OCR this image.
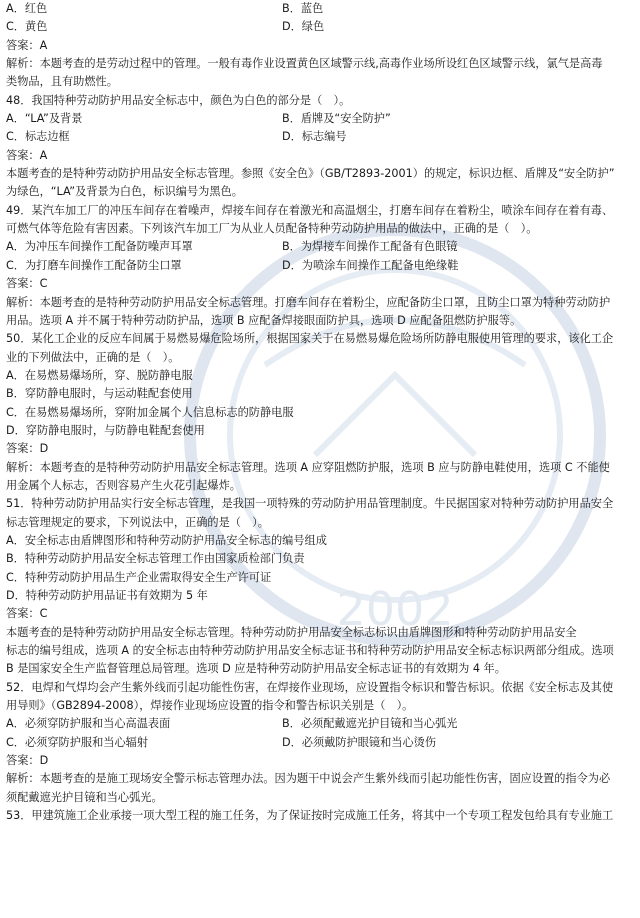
2002
A．红色	B．蓝色
C．黄色	D．绿色
答案：A
解析：本题考查的是劳动过程中的管理。一般有毒作业设置黄色区域警示线,高毒作业场所设红色区域警示线，氯气是高毒
类物品，且有助燃性。
48．我国特种劳动防护用品安全标志中，颜色为白色的部分是（　）。
A．“LA”及背景	B．盾牌及“安全防护”
C．标志边框	D．标志编号
答案：A
本题考查的是特种劳动防护用品安全标志管理。参照《安全色》（GB/T2893-2001）的规定，标识边框、盾牌及“安全防护”
为绿色，“LA”及背景为白色，标识编号为黑色。
49．某汽车加工厂的冲压车间存在着噪声，焊接车间存在着激光和高温烟尘，打磨车间存在着粉尘，喷涂车间存在着有毒、
可燃气体等危险有害因素。下列该汽车加工厂为从业人员配备特种劳动防护用品的做法中，正确的是（　）。
A．为冲压车间操作工配备防噪声耳罩	B．为焊接车间操作工配备有色眼镜
C．为打磨车间操作工配备防尘口罩	D．为喷涂车间操作工配备电绝缘鞋
答案：C
解析：本题考查的是特种劳动防护用品安全标志管理。打磨车间存在着粉尘，应配备防尘口罩，且防尘口罩为特种劳动防护
用品。选项 A 并不属于特种劳动防护品，选项 B 应配备焊接眼面防护具，选项 D 应配备阻燃防护服等。
50．某化工企业的反应车间属于易燃易爆危险场所，根据国家关于在易燃易爆危险场所防静电服使用管理的要求，该化工企
业的下列做法中，正确的是（　）。
A．在易燃易爆场所，穿、脱防静电服
B．穿防静电服时，与运动鞋配套使用
C．在易燃易爆场所，穿附加金属个人信息标志的防静电服
D．穿防静电服时，与防静电鞋配套使用
答案：D
解析：本题考查的是特种劳动防护用品安全标志管理。选项 A 应穿阻燃防护服，选项 B 应与防静电鞋使用，选项 C 不能使
用金属个人标志，否则容易产生火花引起爆炸。
51．特种劳动防护用品实行安全标志管理，是我国一项特殊的劳动防护用品管理制度。牛民据国家对特种劳动防护用品安全
标志管理规定的要求，下列说法中，正确的是（　）。
A．安全标志由盾牌图形和特种劳动防护用品安全标志的编号组成
B．特种劳动防护用品安全标志管理工作由国家质检部门负责
C．特种劳动防护用品生产企业需取得安全生产许可证
D．特种劳动防护用品证书有效期为 5 年
答案：C
本题考查的是特种劳动防护用品安全标志管理。特种劳动防护用品安全标志标识由盾牌图形和特种劳动防护用品安全
标志的编号组成，选项 A 的安全标志由特种劳动防护用品安全标志证书和特种劳动防护用品安全标志标识两部分组成。选项
B 是国家安全生产监督管理总局管理。选项 D 应是特种劳动防护用品安全标志证书的有效期为 4 年。
52．电焊和气焊均会产生紫外线而引起功能性伤害，在焊接作业现场，应设置指令标识和警告标识。依据《安全标志及其使
用导则》（GB2894-2008），焊接作业现场应设置的指令和警告标识关别是（　）。
A．必须穿防护服和当心高温表面	B．必须配戴遮光护目镜和当心弧光
C．必须穿防护服和当心辐射	D．必须戴防护眼镜和当心烫伤
答案：D
解析：本题考查的是施工现场安全警示标志管理办法。因为题干中说会产生紫外线而引起功能性伤害，固应设置的指令为必
须配戴遮光护目镜和当心弧光。
53．甲建筑施工企业承接一项大型工程的施工任务，为了保证按时完成施工任务，将其中一个专项工程发包给具有专业施工
